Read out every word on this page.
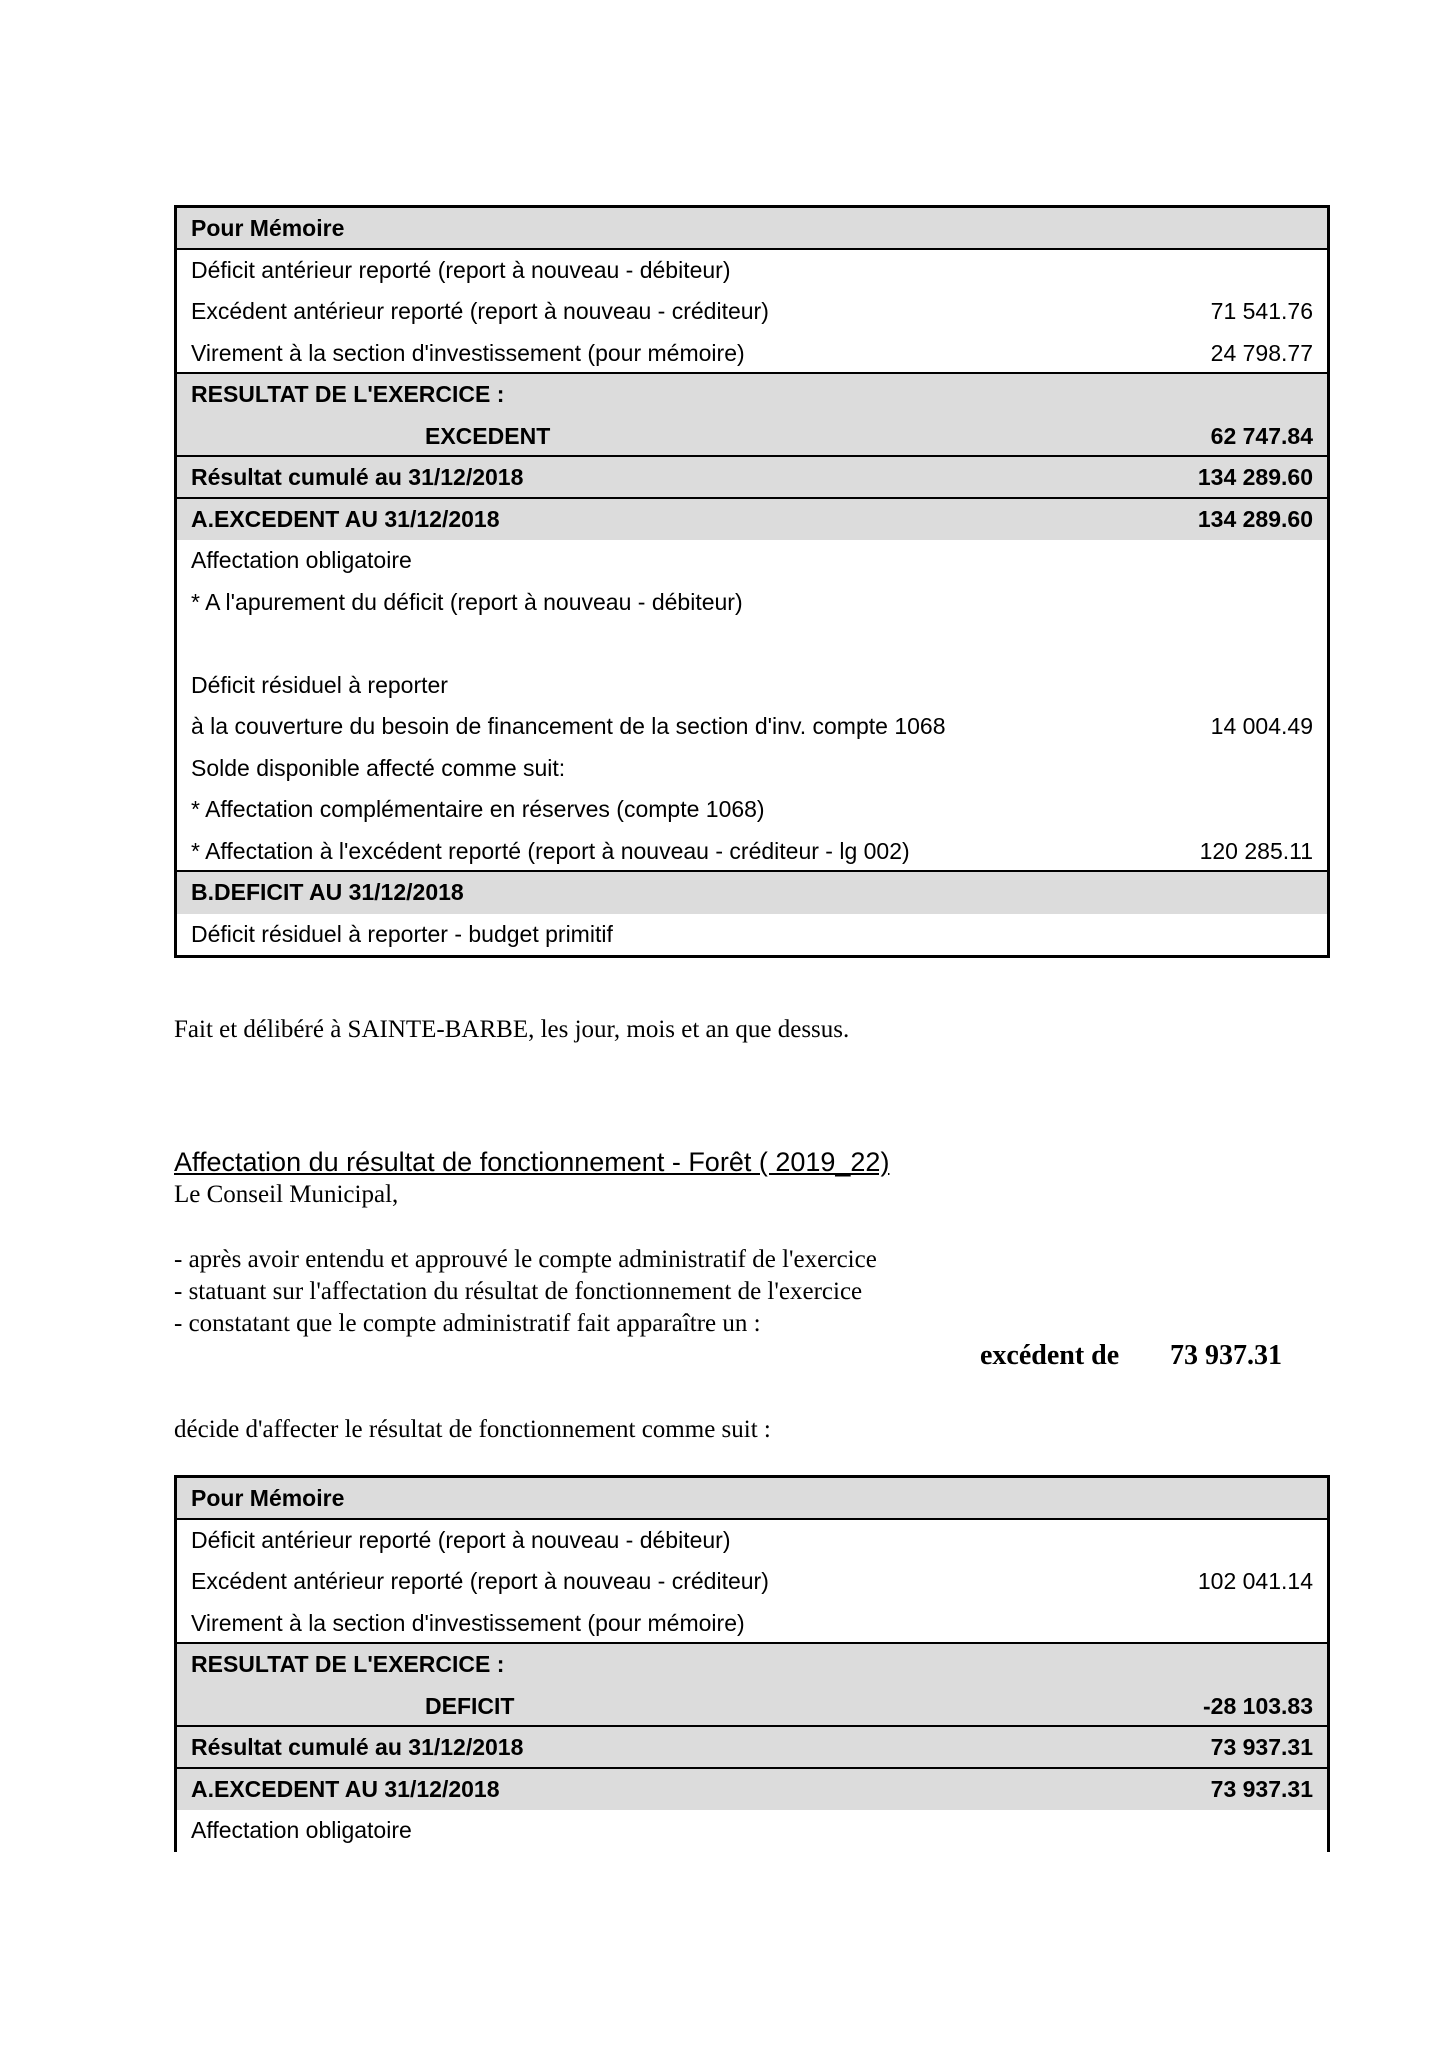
Pour Mémoire
Déficit antérieur reporté (report à nouveau - débiteur)
Excédent antérieur reporté (report à nouveau - créditeur)	71 541.76
Virement à la section d'investissement (pour mémoire)	24 798.77
RESULTAT DE L'EXERCICE :
EXCEDENT	62 747.84
Résultat cumulé au 31/12/2018	134 289.60
A.EXCEDENT AU 31/12/2018	134 289.60
Affectation obligatoire
* A l'apurement du déficit (report à nouveau - débiteur)
Déficit résiduel à reporter
à la couverture du besoin de financement de la section d'inv. compte 1068	14 004.49
Solde disponible affecté comme suit:
* Affectation complémentaire en réserves (compte 1068)
* Affectation à l'excédent reporté (report à nouveau - créditeur - lg 002)	120 285.11
B.DEFICIT AU 31/12/2018
Déficit résiduel à reporter - budget primitif
Fait et délibéré à SAINTE-BARBE, les jour, mois et an que dessus.
Affectation du résultat de fonctionnement - Forêt ( 2019_22)
Le Conseil Municipal,
- après avoir entendu et approuvé le compte administratif de l'exercice
- statuant sur l'affectation du résultat de fonctionnement de l'exercice
- constatant que le compte administratif fait apparaître un :
excédent de 73 937.31
décide d'affecter le résultat de fonctionnement comme suit :
Pour Mémoire
Déficit antérieur reporté (report à nouveau - débiteur)
Excédent antérieur reporté (report à nouveau - créditeur)	102 041.14
Virement à la section d'investissement (pour mémoire)
RESULTAT DE L'EXERCICE :
DEFICIT	-28 103.83
Résultat cumulé au 31/12/2018	73 937.31
A.EXCEDENT AU 31/12/2018	73 937.31
Affectation obligatoire
